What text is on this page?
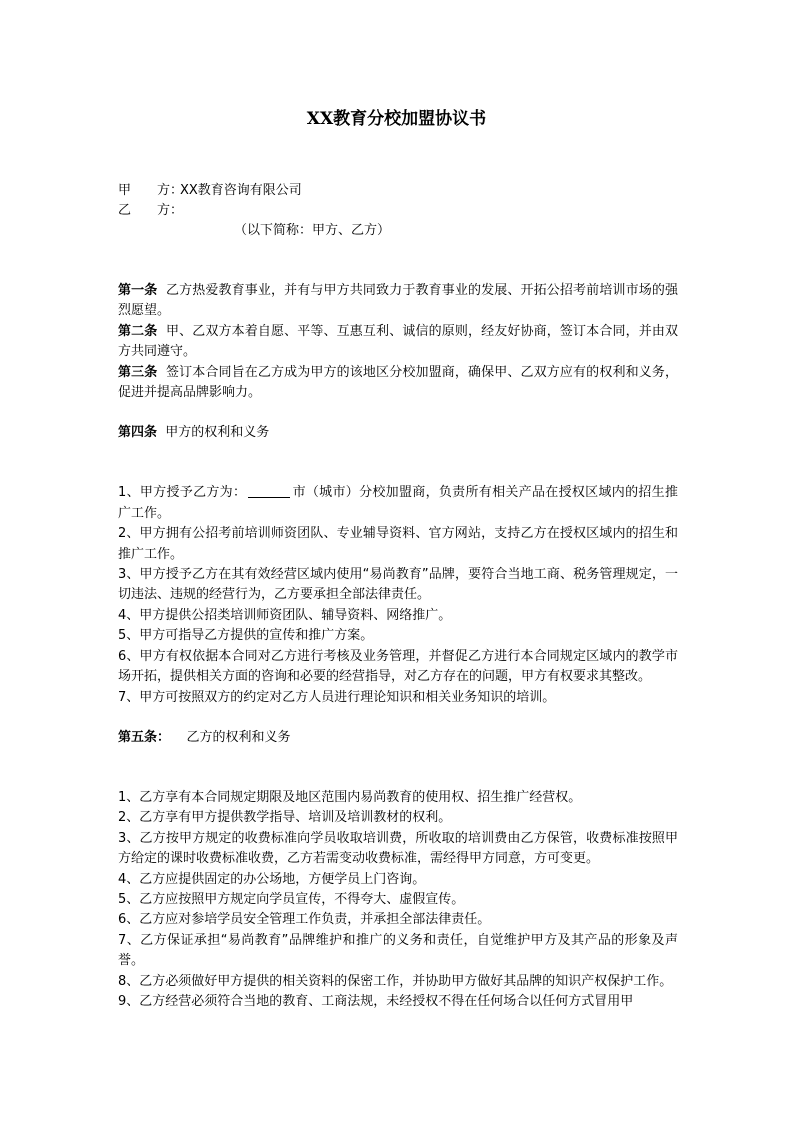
XX教育分校加盟协议书
甲　　方：XX教育咨询有限公司
乙　　方：
（以下简称：甲方、乙方）

第一条 乙方热爱教育事业，并有与甲方共同致力于教育事业的发展、开拓公招考前培训市场的强烈愿望。

第二条 甲、乙双方本着自愿、平等、互惠互利、诚信的原则，经友好协商，签订本合同，并由双方共同遵守。

第三条 签订本合同旨在乙方成为甲方的该地区分校加盟商，确保甲、乙双方应有的权利和义务，促进并提高品牌影响力。

第四条 甲方的权利和义务

1、甲方授予乙方为：	市（城市）分校加盟商，负责所有相关产品在授权区域内的招生推广工作。

2、甲方拥有公招考前培训师资团队、专业辅导资料、官方网站，支持乙方在授权区域内的招生和推广工作。

3、甲方授予乙方在其有效经营区域内使用“易尚教育”品牌，要符合当地工商、税务管理规定，一切违法、违规的经营行为，乙方要承担全部法律责任。

4、甲方提供公招类培训师资团队、辅导资料、网络推广。

5、甲方可指导乙方提供的宣传和推广方案。

6、甲方有权依据本合同对乙方进行考核及业务管理，并督促乙方进行本合同规定区域内的教学市场开拓，提供相关方面的咨询和必要的经营指导，对乙方存在的问题，甲方有权要求其整改。

7、甲方可按照双方的约定对乙方人员进行理论知识和相关业务知识的培训。

第五条： 乙方的权利和义务

1、乙方享有本合同规定期限及地区范围内易尚教育的使用权、招生推广经营权。

2、乙方享有甲方提供教学指导、培训及培训教材的权利。

3、乙方按甲方规定的收费标准向学员收取培训费，所收取的培训费由乙方保管，收费标准按照甲方给定的课时收费标准收费，乙方若需变动收费标准，需经得甲方同意，方可变更。

4、乙方应提供固定的办公场地，方便学员上门咨询。

5、乙方应按照甲方规定向学员宣传，不得夸大、虚假宣传。

6、乙方应对参培学员安全管理工作负责，并承担全部法律责任。

7、乙方保证承担“易尚教育”品牌维护和推广的义务和责任，自觉维护甲方及其产品的形象及声誉。

8、乙方必须做好甲方提供的相关资料的保密工作，并协助甲方做好其品牌的知识产权保护工作。

9、乙方经营必须符合当地的教育、工商法规，未经授权不得在任何场合以任何方式冒用甲
